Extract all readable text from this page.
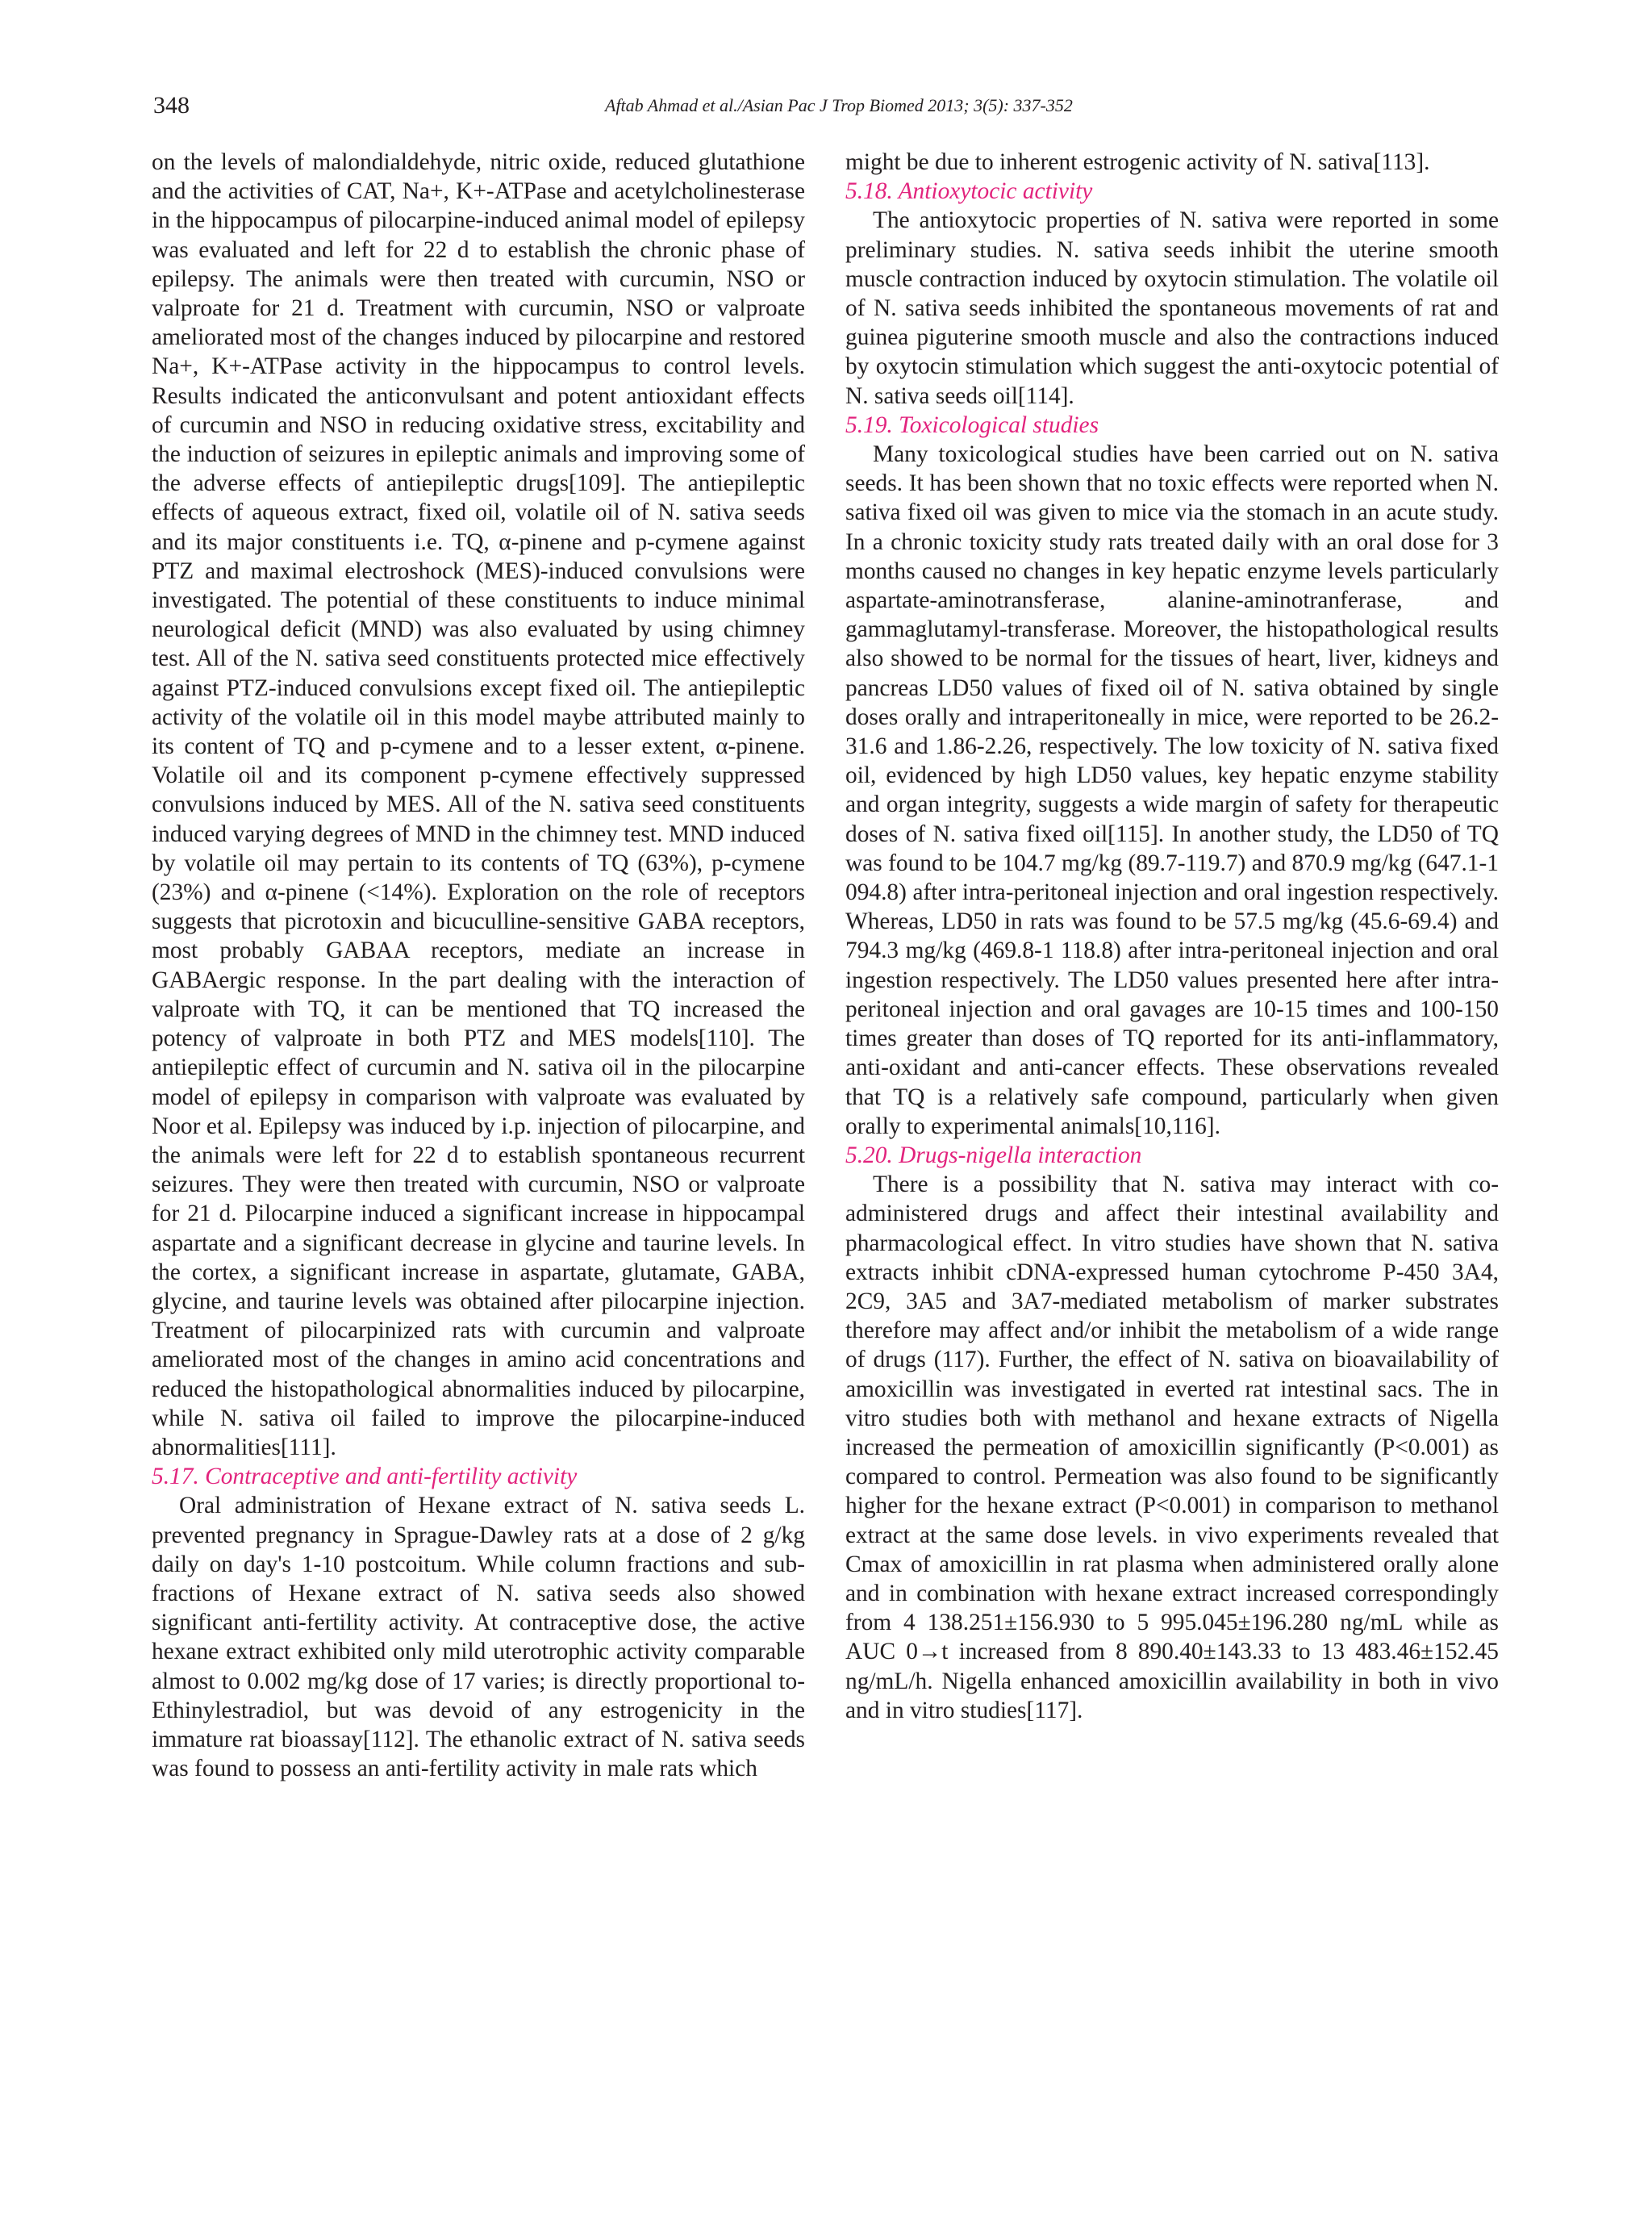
348	Aftab Ahmad et al./Asian Pac J Trop Biomed 2013; 3(5): 337-352

on the levels of malondialdehyde, nitric oxide, reduced glutathione and the activities of CAT, Na+, K+-ATPase and acetylcholinesterase in the hippocampus of pilocarpine-induced animal model of epilepsy was evaluated and left for 22 d to establish the chronic phase of epilepsy. The animals were then treated with curcumin, NSO or valproate for 21 d. Treatment with curcumin, NSO or valproate ameliorated most of the changes induced by pilocarpine and restored Na+, K+-ATPase activity in the hippocampus to control levels. Results indicated the anticonvulsant and potent antioxidant effects of curcumin and NSO in reducing oxidative stress, excitability and the induction of seizures in epileptic animals and improving some of the adverse effects of antiepileptic drugs[109]. The antiepileptic effects of aqueous extract, fixed oil, volatile oil of N. sativa seeds and its major constituents i.e. TQ, α-pinene and p-cymene against PTZ and maximal electroshock (MES)-induced convulsions were investigated. The potential of these constituents to induce minimal neurological deficit (MND) was also evaluated by using chimney test. All of the N. sativa seed constituents protected mice effectively against PTZ-induced convulsions except fixed oil. The antiepileptic activity of the volatile oil in this model maybe attributed mainly to its content of TQ and p-cymene and to a lesser extent, α-pinene. Volatile oil and its component p-cymene effectively suppressed convulsions induced by MES. All of the N. sativa seed constituents induced varying degrees of MND in the chimney test. MND induced by volatile oil may pertain to its contents of TQ (63%), p-cymene (23%) and α-pinene (<14%). Exploration on the role of receptors suggests that picrotoxin and bicuculline-sensitive GABA receptors, most probably GABAA receptors, mediate an increase in GABAergic response. In the part dealing with the interaction of valproate with TQ, it can be mentioned that TQ increased the potency of valproate in both PTZ and MES models[110]. The antiepileptic effect of curcumin and N. sativa oil in the pilocarpine model of epilepsy in comparison with valproate was evaluated by Noor et al. Epilepsy was induced by i.p. injection of pilocarpine, and the animals were left for 22 d to establish spontaneous recurrent seizures. They were then treated with curcumin, NSO or valproate for 21 d. Pilocarpine induced a significant increase in hippocampal aspartate and a significant decrease in glycine and taurine levels. In the cortex, a significant increase in aspartate, glutamate, GABA, glycine, and taurine levels was obtained after pilocarpine injection. Treatment of pilocarpinized rats with curcumin and valproate ameliorated most of the changes in amino acid concentrations and reduced the histopathological abnormalities induced by pilocarpine, while N. sativa oil failed to improve the pilocarpine-induced abnormalities[111].

5.17. Contraceptive and anti-fertility activity

Oral administration of Hexane extract of N. sativa seeds L. prevented pregnancy in Sprague-Dawley rats at a dose of 2 g/kg daily on day's 1-10 postcoitum. While column fractions and sub-fractions of Hexane extract of N. sativa seeds also showed significant anti-fertility activity. At contraceptive dose, the active hexane extract exhibited only mild uterotrophic activity comparable almost to 0.002 mg/kg dose of 17 varies; is directly proportional to-Ethinylestradiol, but was devoid of any estrogenicity in the immature rat bioassay[112]. The ethanolic extract of N. sativa seeds was found to possess an anti-fertility activity in male rats which

might be due to inherent estrogenic activity of N. sativa[113].

5.18. Antioxytocic activity

The antioxytocic properties of N. sativa were reported in some preliminary studies. N. sativa seeds inhibit the uterine smooth muscle contraction induced by oxytocin stimulation. The volatile oil of N. sativa seeds inhibited the spontaneous movements of rat and guinea piguterine smooth muscle and also the contractions induced by oxytocin stimulation which suggest the anti-oxytocic potential of N. sativa seeds oil[114].

5.19. Toxicological studies

Many toxicological studies have been carried out on N. sativa seeds. It has been shown that no toxic effects were reported when N. sativa fixed oil was given to mice via the stomach in an acute study. In a chronic toxicity study rats treated daily with an oral dose for 3 months caused no changes in key hepatic enzyme levels particularly aspartate-aminotransferase, alanine-aminotranferase, and gammaglutamyl-transferase. Moreover, the histopathological results also showed to be normal for the tissues of heart, liver, kidneys and pancreas LD50 values of fixed oil of N. sativa obtained by single doses orally and intraperitoneally in mice, were reported to be 26.2-31.6 and 1.86-2.26, respectively. The low toxicity of N. sativa fixed oil, evidenced by high LD50 values, key hepatic enzyme stability and organ integrity, suggests a wide margin of safety for therapeutic doses of N. sativa fixed oil[115]. In another study, the LD50 of TQ was found to be 104.7 mg/kg (89.7-119.7) and 870.9 mg/kg (647.1-1 094.8) after intra-peritoneal injection and oral ingestion respectively. Whereas, LD50 in rats was found to be 57.5 mg/kg (45.6-69.4) and 794.3 mg/kg (469.8-1 118.8) after intra-peritoneal injection and oral ingestion respectively. The LD50 values presented here after intra-peritoneal injection and oral gavages are 10-15 times and 100-150 times greater than doses of TQ reported for its anti-inflammatory, anti-oxidant and anti-cancer effects. These observations revealed that TQ is a relatively safe compound, particularly when given orally to experimental animals[10,116].

5.20. Drugs-nigella interaction

There is a possibility that N. sativa may interact with co-administered drugs and affect their intestinal availability and pharmacological effect. In vitro studies have shown that N. sativa extracts inhibit cDNA-expressed human cytochrome P-450 3A4, 2C9, 3A5 and 3A7-mediated metabolism of marker substrates therefore may affect and/or inhibit the metabolism of a wide range of drugs (117). Further, the effect of N. sativa on bioavailability of amoxicillin was investigated in everted rat intestinal sacs. The in vitro studies both with methanol and hexane extracts of Nigella increased the permeation of amoxicillin significantly (P<0.001) as compared to control. Permeation was also found to be significantly higher for the hexane extract (P<0.001) in comparison to methanol extract at the same dose levels. in vivo experiments revealed that Cmax of amoxicillin in rat plasma when administered orally alone and in combination with hexane extract increased correspondingly from 4 138.251±156.930 to 5 995.045±196.280 ng/mL while as AUC 0→t increased from 8 890.40±143.33 to 13 483.46±152.45 ng/mL/h. Nigella enhanced amoxicillin availability in both in vivo and in vitro studies[117].
